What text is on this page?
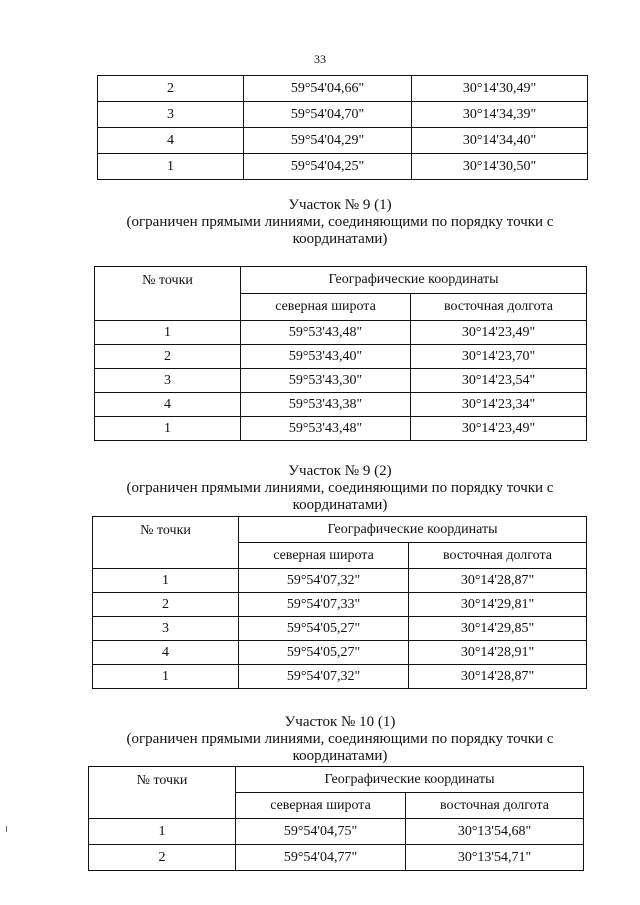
33
2	59°54'04,66"	30°14'30,49"
3	59°54'04,70"	30°14'34,39"
4	59°54'04,29"	30°14'34,40"
1	59°54'04,25"	30°14'30,50"
Участок № 9 (1)
(ограничен прямыми линиями, соединяющими по порядку точки с
координатами)
№ точки	Географические координаты	
	северная широта	восточная долгота
1	59°53'43,48"	30°14'23,49"
2	59°53'43,40"	30°14'23,70"
3	59°53'43,30"	30°14'23,54"
4	59°53'43,38"	30°14'23,34"
1	59°53'43,48"	30°14'23,49"
Участок № 9 (2)
(ограничен прямыми линиями, соединяющими по порядку точки с
координатами)
№ точки	Географические координаты	
	северная широта	восточная долгота
1	59°54'07,32"	30°14'28,87"
2	59°54'07,33"	30°14'29,81"
3	59°54'05,27"	30°14'29,85"
4	59°54'05,27"	30°14'28,91"
1	59°54'07,32"	30°14'28,87"
Участок № 10 (1)
(ограничен прямыми линиями, соединяющими по порядку точки с
координатами)
№ точки	Географические координаты	
	северная широта	восточная долгота
1	59°54'04,75"	30°13'54,68"
2	59°54'04,77"	30°13'54,71"
